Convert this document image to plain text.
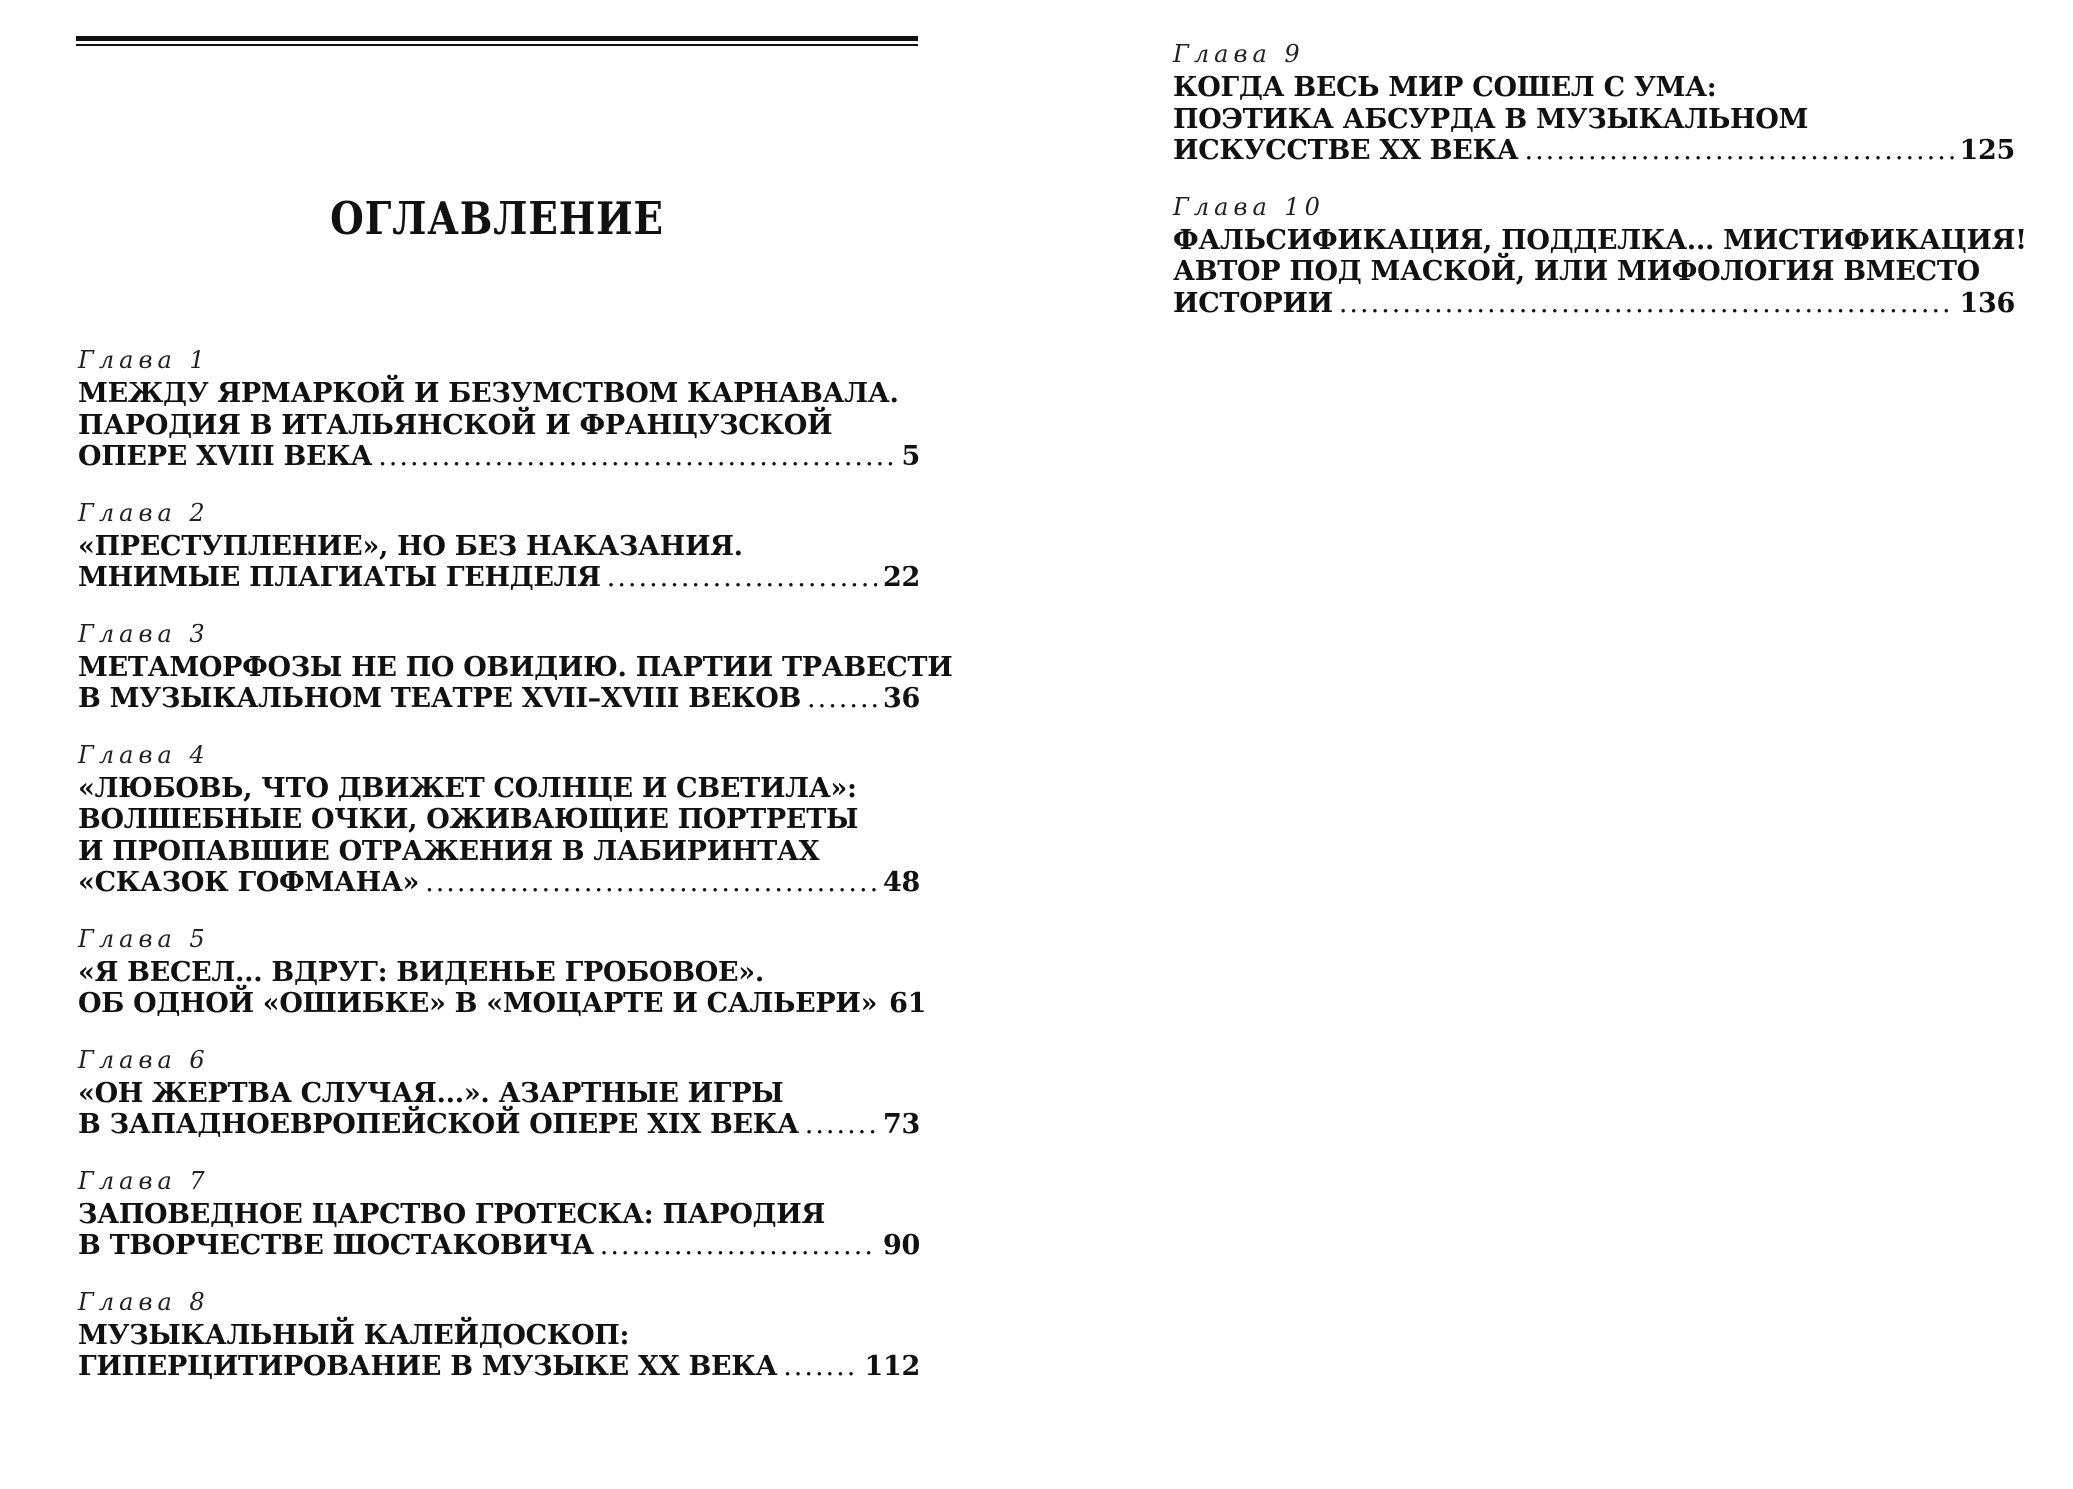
ОГЛАВЛЕНИЕ
Глава 1
МЕЖДУ ЯРМАРКОЙ И БЕЗУМСТВОМ КАРНАВАЛА.
ПАРОДИЯ В ИТАЛЬЯНСКОЙ И ФРАНЦУЗСКОЙ
ОПЕРЕ XVIII ВЕКА .....	5
Глава 2
«ПРЕСТУПЛЕНИЕ», НО БЕЗ НАКАЗАНИЯ.
МНИМЫЕ ПЛАГИАТЫ ГЕНДЕЛЯ .....	22
Глава 3
МЕТАМОРФОЗЫ НЕ ПО ОВИДИЮ. ПАРТИИ ТРАВЕСТИ
В МУЗЫКАЛЬНОМ ТЕАТРЕ XVII–XVIII ВЕКОВ .....	36
Глава 4
«ЛЮБОВЬ, ЧТО ДВИЖЕТ СОЛНЦЕ И СВЕТИЛА»:
ВОЛШЕБНЫЕ ОЧКИ, ОЖИВАЮЩИЕ ПОРТРЕТЫ
И ПРОПАВШИЕ ОТРАЖЕНИЯ В ЛАБИРИНТАХ
«СКАЗОК ГОФМАНА» .....	48
Глава 5
«Я ВЕСЕЛ... ВДРУГ: ВИДЕНЬЕ ГРОБОВОЕ».
ОБ ОДНОЙ «ОШИБКЕ» В «МОЦАРТЕ И САЛЬЕРИ» 61
Глава 6
«ОН ЖЕРТВА СЛУЧАЯ...». АЗАРТНЫЕ ИГРЫ
В ЗАПАДНОЕВРОПЕЙСКОЙ ОПЕРЕ XIX ВЕКА .....	73
Глава 7
ЗАПОВЕДНОЕ ЦАРСТВО ГРОТЕСКА: ПАРОДИЯ
В ТВОРЧЕСТВЕ ШОСТАКОВИЧА .....	90
Глава 8
МУЗЫКАЛЬНЫЙ КАЛЕЙДОСКОП:
ГИПЕРЦИТИРОВАНИЕ В МУЗЫКЕ XX ВЕКА .....	112
Глава 9
КОГДА ВЕСЬ МИР СОШЕЛ С УМА:
ПОЭТИКА АБСУРДА В МУЗЫКАЛЬНОМ
ИСКУССТВЕ XX ВЕКА .....	125
Глава 10
ФАЛЬСИФИКАЦИЯ, ПОДДЕЛКА... МИСТИФИКАЦИЯ!
АВТОР ПОД МАСКОЙ, ИЛИ МИФОЛОГИЯ ВМЕСТО
ИСТОРИИ .....	136
